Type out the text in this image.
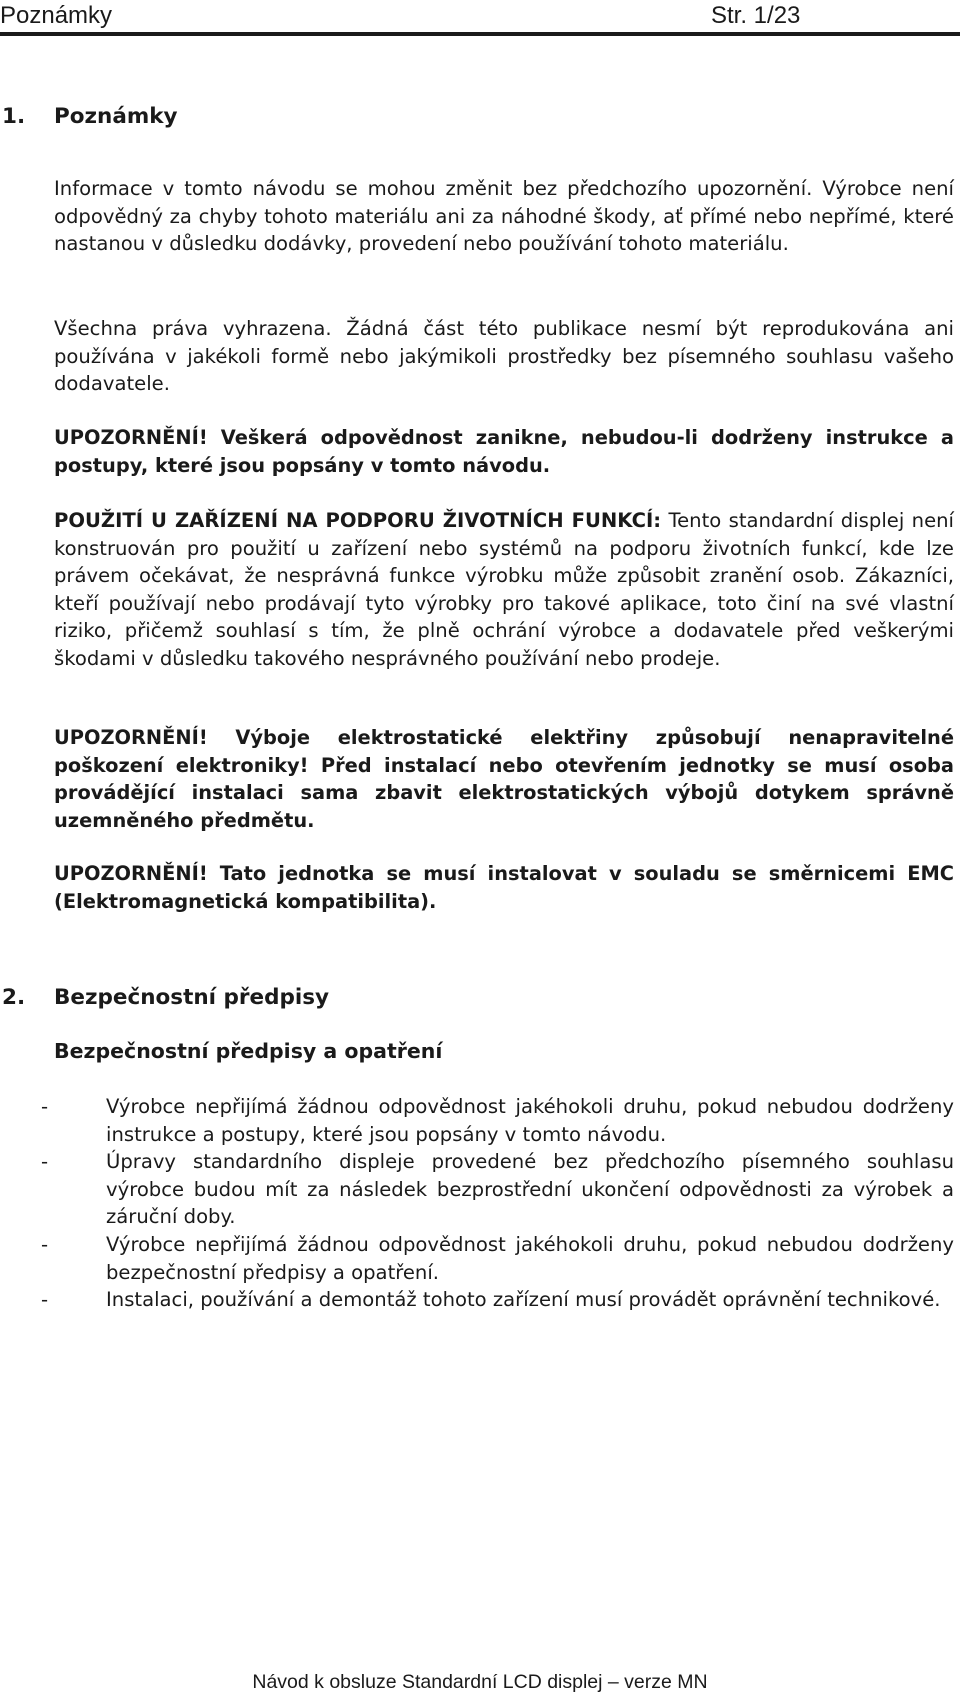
Poznámky	Str. 1/23
1. Poznámky

Informace v tomto návodu se mohou změnit bez předchozího upozornění. Výrobce není odpovědný za chyby tohoto materiálu ani za náhodné škody, ať přímé nebo nepřímé, které nastanou v důsledku dodávky, provedení nebo používání tohoto materiálu.

Všechna práva vyhrazena. Žádná část této publikace nesmí být reprodukována ani používána v jakékoli formě nebo jakýmikoli prostředky bez písemného souhlasu vašeho dodavatele.

UPOZORNĚNÍ! Veškerá odpovědnost zanikne, nebudou-li dodrženy instrukce a postupy, které jsou popsány v tomto návodu.

POUŽITÍ U ZAŘÍZENÍ NA PODPORU ŽIVOTNÍCH FUNKCÍ: Tento standardní displej není konstruován pro použití u zařízení nebo systémů na podporu životních funkcí, kde lze právem očekávat, že nesprávná funkce výrobku může způsobit zranění osob. Zákazníci, kteří používají nebo prodávají tyto výrobky pro takové aplikace, toto činí na své vlastní riziko, přičemž souhlasí s tím, že plně ochrání výrobce a dodavatele před veškerými škodami v důsledku takového nesprávného používání nebo prodeje.

UPOZORNĚNÍ! Výboje elektrostatické elektřiny způsobují nenapravitelné poškození elektroniky! Před instalací nebo otevřením jednotky se musí osoba provádějící instalaci sama zbavit elektrostatických výbojů dotykem správně uzemněného předmětu.

UPOZORNĚNÍ! Tato jednotka se musí instalovat v souladu se směrnicemi EMC (Elektromagnetická kompatibilita).

2. Bezpečnostní předpisy
Bezpečnostní předpisy a opatření
-	Výrobce nepřijímá žádnou odpovědnost jakéhokoli druhu, pokud nebudou dodrženy instrukce a postupy, které jsou popsány v tomto návodu.
-	Úpravy standardního displeje provedené bez předchozího písemného souhlasu výrobce budou mít za následek bezprostřední ukončení odpovědnosti za výrobek a záruční doby.
-	Výrobce nepřijímá žádnou odpovědnost jakéhokoli druhu, pokud nebudou dodrženy bezpečnostní předpisy a opatření.
-	Instalaci, používání a demontáž tohoto zařízení musí provádět oprávnění technikové.
Návod k obsluze Standardní LCD displej – verze MN
